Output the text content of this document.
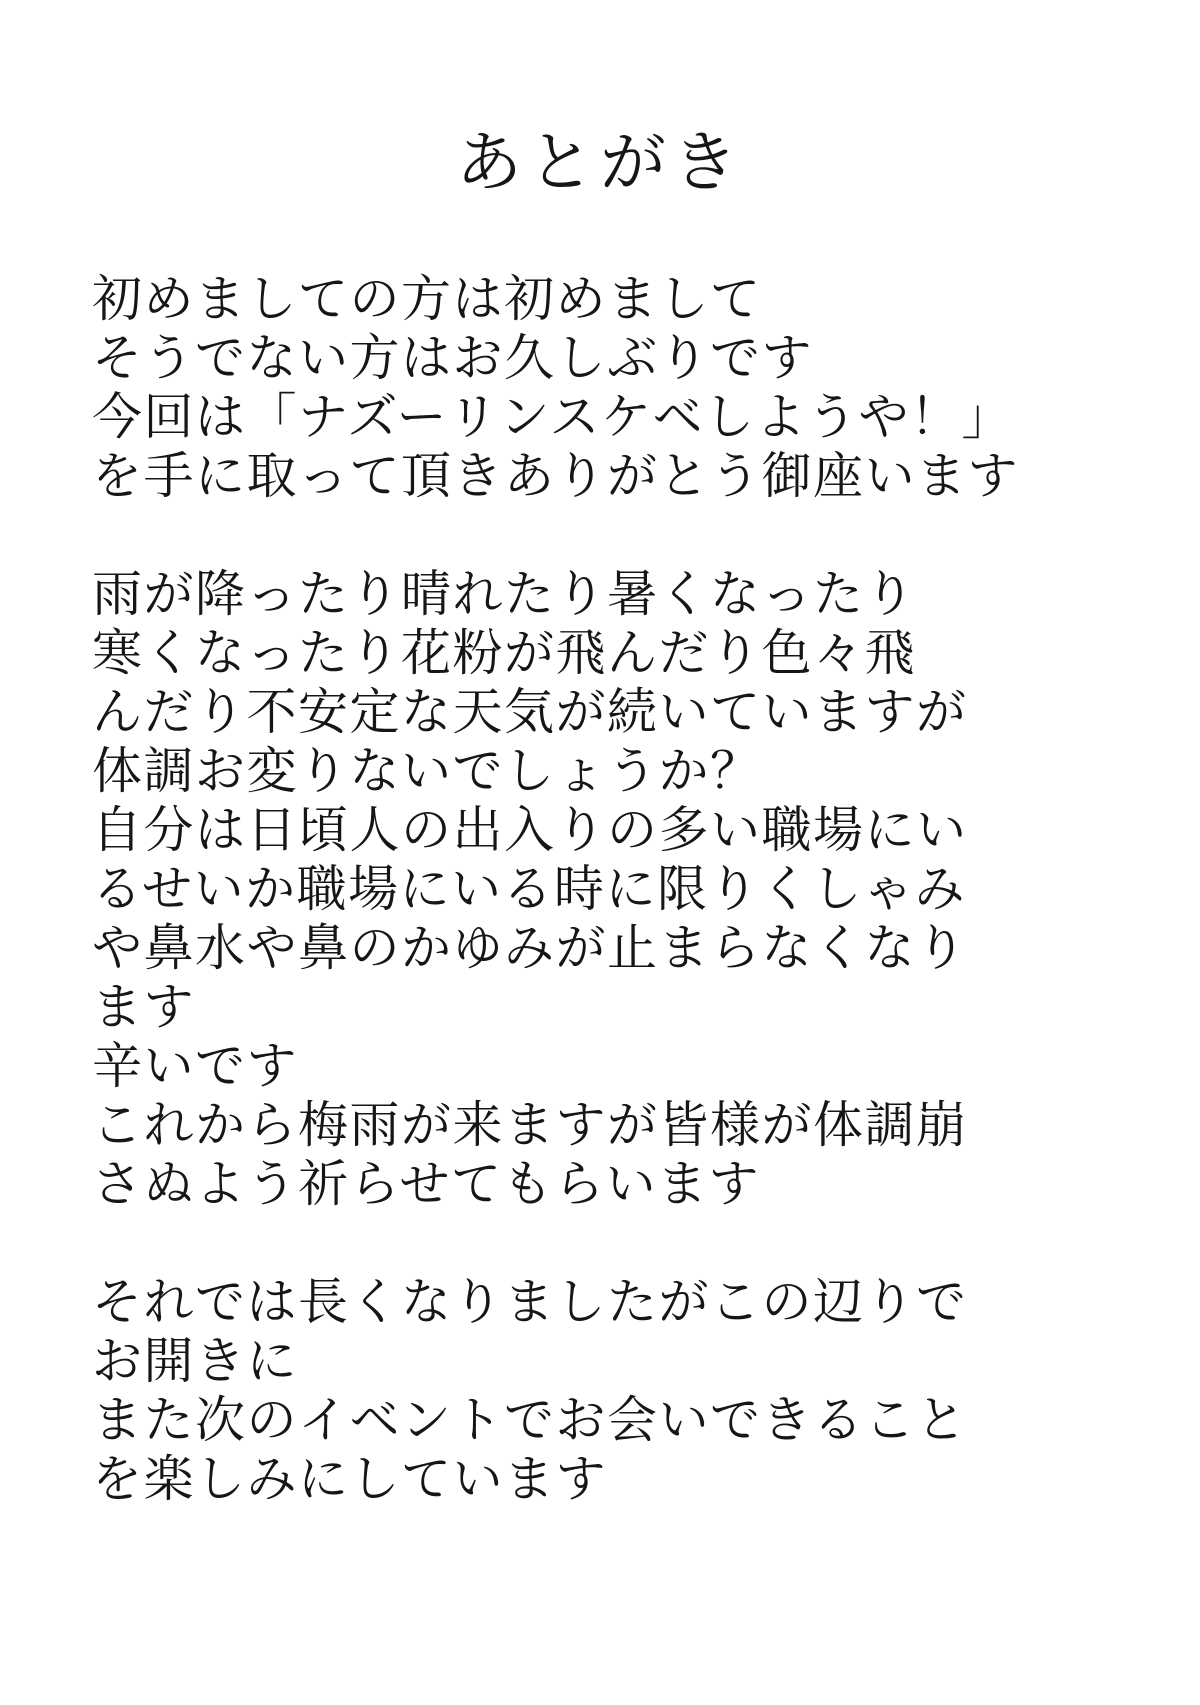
あとがき
初めましての方は初めまして
そうでない方はお久しぶりです
今回は「ナズーリンスケベしようや！」
を手に取って頂きありがとう御座います
雨が降ったり晴れたり暑くなったり
寒くなったり花粉が飛んだり色々飛
んだり不安定な天気が続いていますが
体調お変りないでしょうか？
自分は日頃人の出入りの多い職場にい
るせいか職場にいる時に限りくしゃみ
や鼻水や鼻のかゆみが止まらなくなり
ます
辛いです
これから梅雨が来ますが皆様が体調崩
さぬよう祈らせてもらいます
それでは長くなりましたがこの辺りで
お開きに
また次のイベントでお会いできること
を楽しみにしています
